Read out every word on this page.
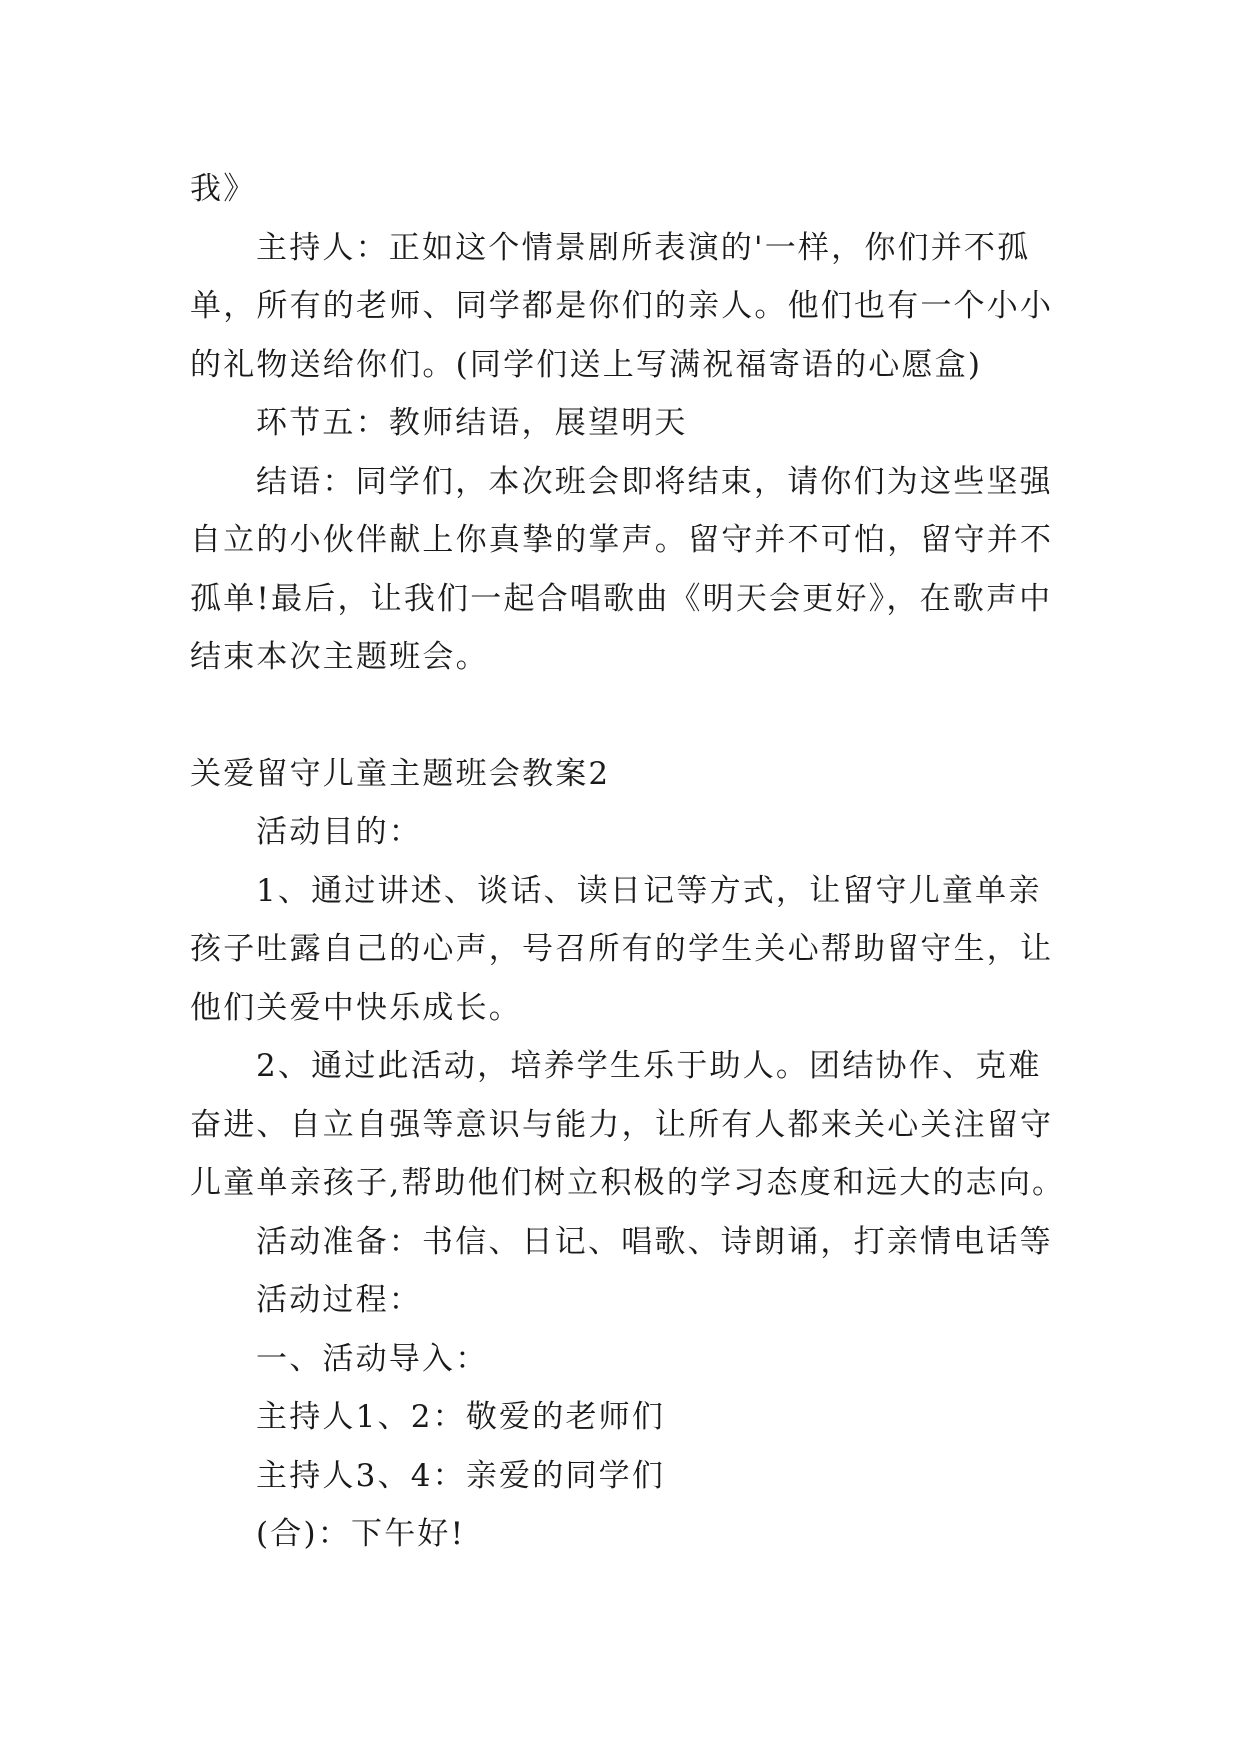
我》

主持人：正如这个情景剧所表演的'一样，你们并不孤

单，所有的老师、同学都是你们的亲人。他们也有一个小小

的礼物送给你们。(同学们送上写满祝福寄语的心愿盒)

环节五：教师结语，展望明天

结语：同学们，本次班会即将结束，请你们为这些坚强

自立的小伙伴献上你真挚的掌声。留守并不可怕，留守并不

孤单!最后，让我们一起合唱歌曲《明天会更好》，在歌声中

结束本次主题班会。

关爱留守儿童主题班会教案2

活动目的：

1、通过讲述、谈话、读日记等方式，让留守儿童单亲

孩子吐露自己的心声，号召所有的学生关心帮助留守生，让

他们关爱中快乐成长。

2、通过此活动，培养学生乐于助人。团结协作、克难

奋进、自立自强等意识与能力，让所有人都来关心关注留守

儿童单亲孩子,帮助他们树立积极的学习态度和远大的志向。

活动准备：书信、日记、唱歌、诗朗诵，打亲情电话等

活动过程：

一、活动导入：

主持人1、2：敬爱的老师们

主持人3、4：亲爱的同学们

(合)：下午好!
